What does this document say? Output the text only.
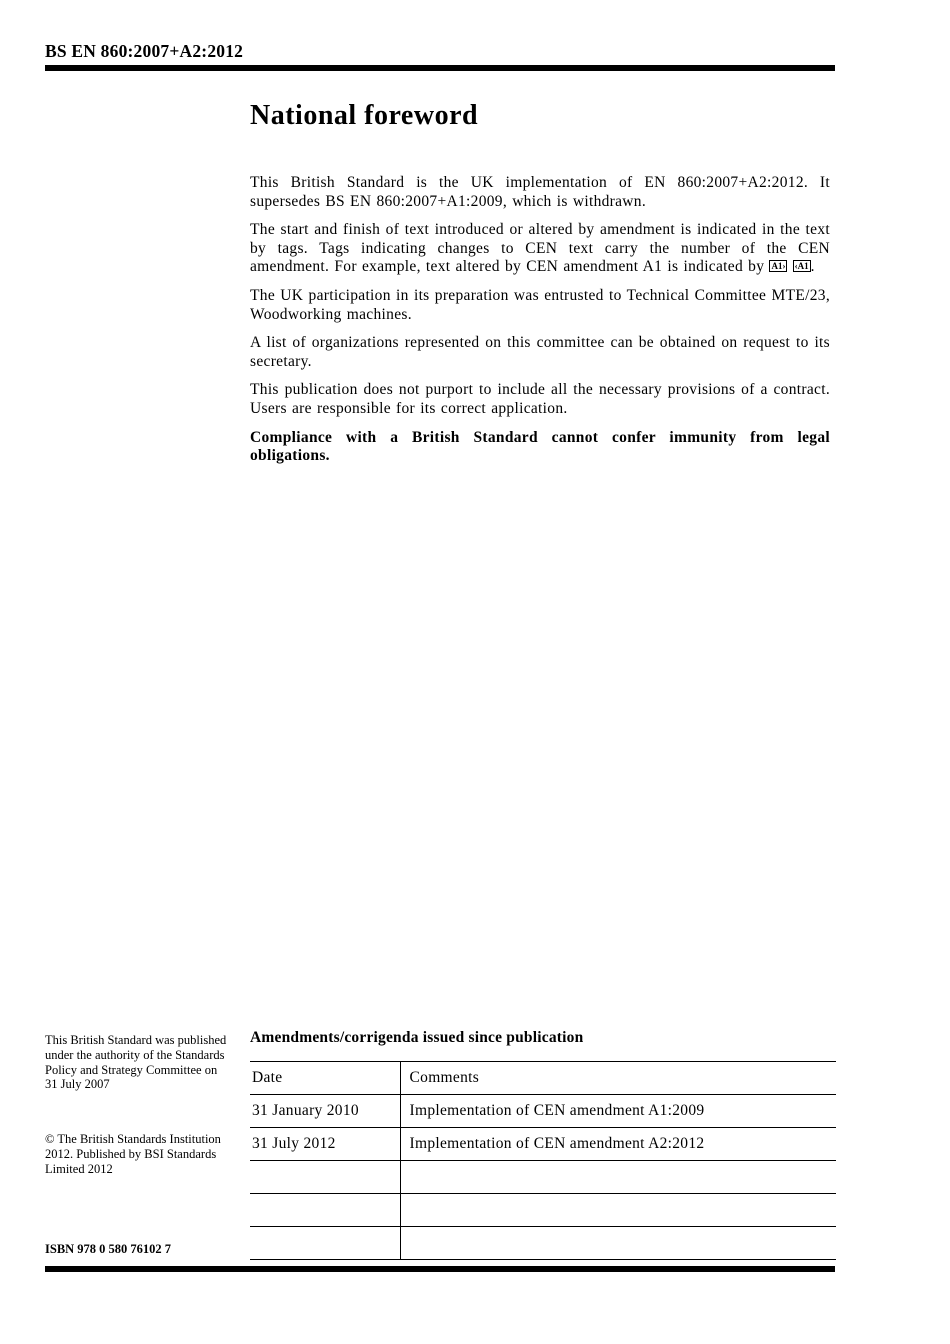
BS EN 860:2007+A2:2012
National foreword

This British Standard is the UK implementation of EN 860:2007+A2:2012. It supersedes BS EN 860:2007+A1:2009, which is withdrawn.

The start and finish of text introduced or altered by amendment is indicated in the text by tags. Tags indicating changes to CEN text carry the number of the CEN amendment. For example, text altered by CEN amendment A1 is indicated by A1› ‹A1 .

The UK participation in its preparation was entrusted to Technical Committee MTE/23, Woodworking machines.

A list of organizations represented on this committee can be obtained on request to its secretary.

This publication does not purport to include all the necessary provisions of a contract. Users are responsible for its correct application.

Compliance with a British Standard cannot confer immunity from legal obligations.

This British Standard was published under the authority of the Standards Policy and Strategy Committee on 31 July 2007
© The British Standards Institution 2012. Published by BSI Standards Limited 2012
ISBN 978 0 580 76102 7
Amendments/corrigenda issued since publication
Date	Comments
31 January 2010	Implementation of CEN amendment A1:2009
31 July 2012	Implementation of CEN amendment A2:2012
